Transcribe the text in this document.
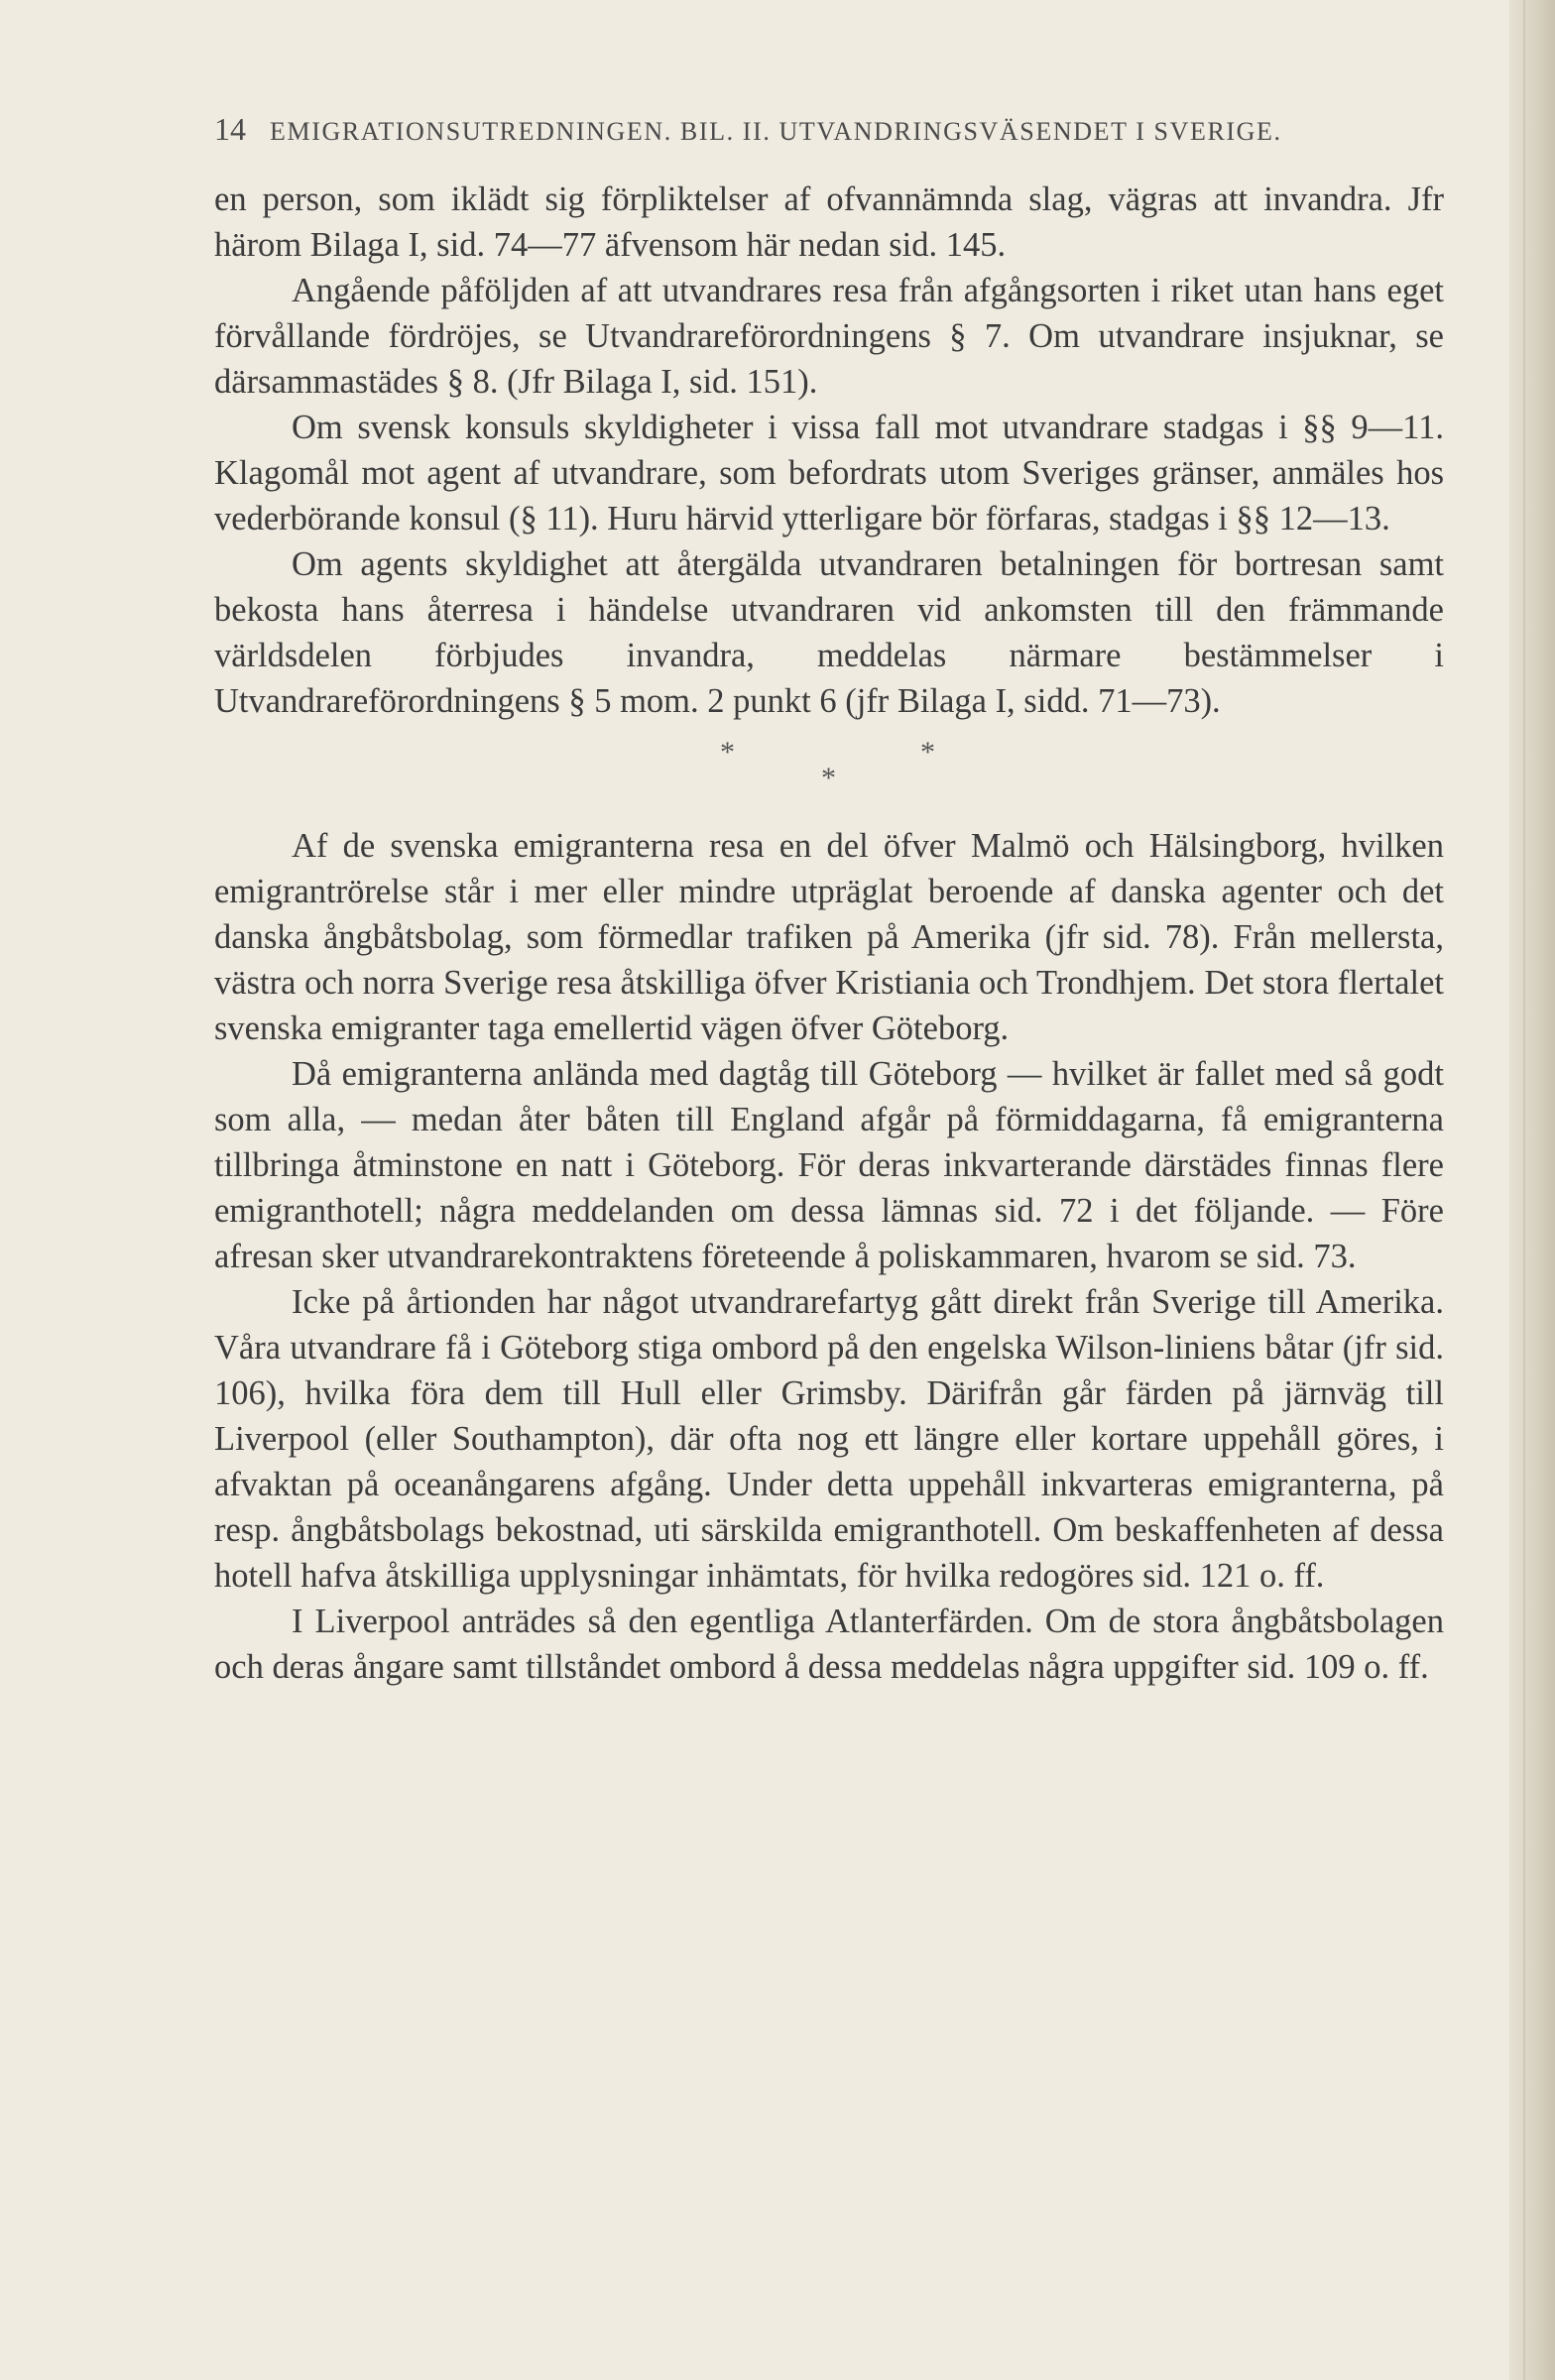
14 EMIGRATIONSUTREDNINGEN. BIL. II. UTVANDRINGSVÄSENDET I SVERIGE.

en person, som iklädt sig förpliktelser af ofvannämnda slag, vägras att invandra. Jfr härom Bilaga I, sid. 74—77 äfvensom här nedan sid. 145.

Angående påföljden af att utvandrares resa från afgångsorten i riket utan hans eget förvållande fördröjes, se Utvandrareförordningens § 7. Om utvandrare insjuknar, se därsammastädes § 8. (Jfr Bilaga I, sid. 151).

Om svensk konsuls skyldigheter i vissa fall mot utvandrare stadgas i §§ 9—11. Klagomål mot agent af utvandrare, som befordrats utom Sveriges gränser, anmäles hos vederbörande konsul (§ 11). Huru härvid ytterligare bör förfaras, stadgas i §§ 12—13.

Om agents skyldighet att återgälda utvandraren betalningen för bortresan samt bekosta hans återresa i händelse utvandraren vid ankomsten till den främmande världsdelen förbjudes invandra, meddelas närmare bestämmelser i Utvandrareförordningens § 5 mom. 2 punkt 6 (jfr Bilaga I, sidd. 71—73).

*	*
*

Af de svenska emigranterna resa en del öfver Malmö och Hälsingborg, hvilken emigrantrörelse står i mer eller mindre utpräglat beroende af danska agenter och det danska ångbåtsbolag, som förmedlar trafiken på Amerika (jfr sid. 78). Från mellersta, västra och norra Sverige resa åtskilliga öfver Kristiania och Trondhjem. Det stora flertalet svenska emigranter taga emellertid vägen öfver Göteborg.

Då emigranterna anlända med dagtåg till Göteborg — hvilket är fallet med så godt som alla, — medan åter båten till England afgår på förmiddagarna, få emigranterna tillbringa åtminstone en natt i Göteborg. För deras inkvarterande därstädes finnas flere emigranthotell; några meddelanden om dessa lämnas sid. 72 i det följande. — Före afresan sker utvandrarekontraktens företeende å poliskammaren, hvarom se sid. 73.

Icke på årtionden har något utvandrarefartyg gått direkt från Sverige till Amerika. Våra utvandrare få i Göteborg stiga ombord på den engelska Wilson-liniens båtar (jfr sid. 106), hvilka föra dem till Hull eller Grimsby. Därifrån går färden på järnväg till Liverpool (eller Southampton), där ofta nog ett längre eller kortare uppehåll göres, i afvaktan på oceanångarens afgång. Under detta uppehåll inkvarteras emigranterna, på resp. ångbåtsbolags bekostnad, uti särskilda emigranthotell. Om beskaffenheten af dessa hotell hafva åtskilliga upplysningar inhämtats, för hvilka redogöres sid. 121 o. ff.

I Liverpool anträdes så den egentliga Atlanterfärden. Om de stora ångbåtsbolagen och deras ångare samt tillståndet ombord å dessa meddelas några uppgifter sid. 109 o. ff.
